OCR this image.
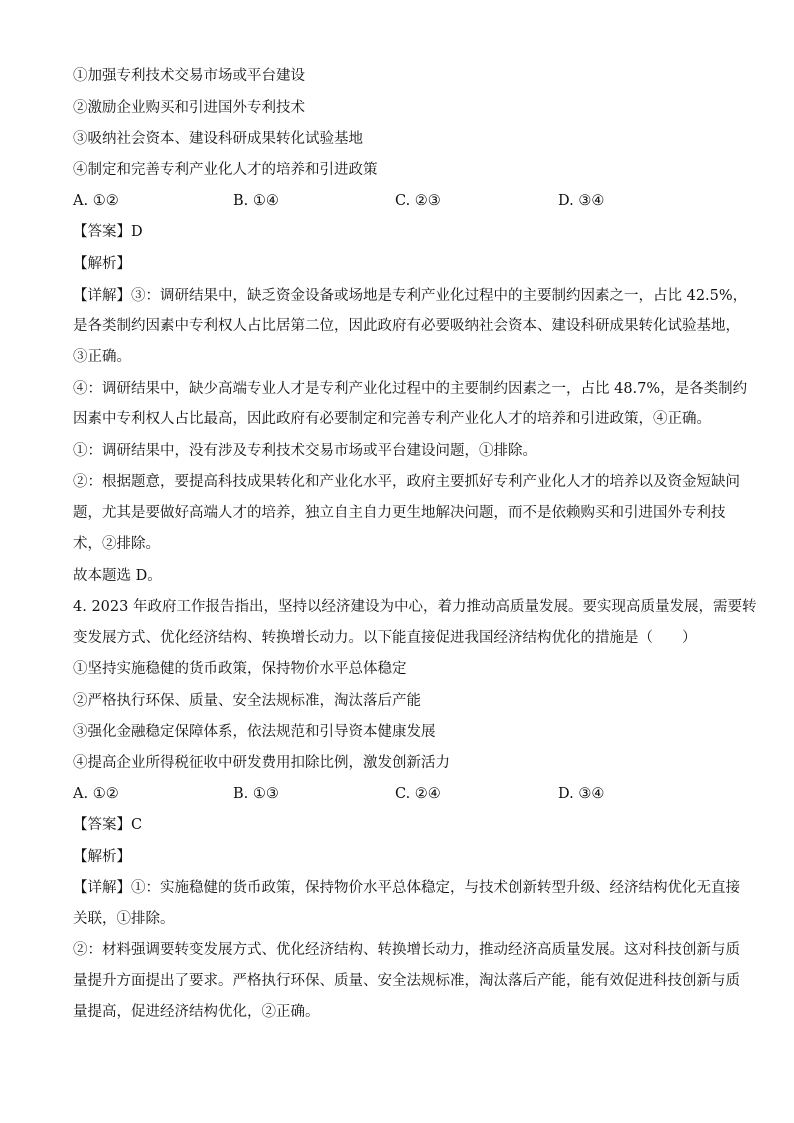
①加强专利技术交易市场或平台建设
②激励企业购买和引进国外专利技术
③吸纳社会资本、建设科研成果转化试验基地
④制定和完善专利产业化人才的培养和引进政策
A. ①②	B. ①④	C. ②③	D. ③④
【答案】D
【解析】
【详解】③：调研结果中，缺乏资金设备或场地是专利产业化过程中的主要制约因素之一，占比 42.5%，
是各类制约因素中专利权人占比居第二位，因此政府有必要吸纳社会资本、建设科研成果转化试验基地，
③正确。
④：调研结果中，缺少高端专业人才是专利产业化过程中的主要制约因素之一，占比 48.7%，是各类制约
因素中专利权人占比最高，因此政府有必要制定和完善专利产业化人才的培养和引进政策，④正确。
①：调研结果中，没有涉及专利技术交易市场或平台建设问题，①排除。
②：根据题意，要提高科技成果转化和产业化水平，政府主要抓好专利产业化人才的培养以及资金短缺问
题，尤其是要做好高端人才的培养，独立自主自力更生地解决问题，而不是依赖购买和引进国外专利技
术，②排除。
故本题选 D。
4. 2023 年政府工作报告指出，坚持以经济建设为中心，着力推动高质量发展。要实现高质量发展，需要转
变发展方式、优化经济结构、转换增长动力。以下能直接促进我国经济结构优化的措施是（　　）
①坚持实施稳健的货币政策，保持物价水平总体稳定
②严格执行环保、质量、安全法规标准，淘汰落后产能
③强化金融稳定保障体系，依法规范和引导资本健康发展
④提高企业所得税征收中研发费用扣除比例，激发创新活力
A. ①②	B. ①③	C. ②④	D. ③④
【答案】C
【解析】
【详解】①：实施稳健的货币政策，保持物价水平总体稳定，与技术创新转型升级、经济结构优化无直接
关联，①排除。
②：材料强调要转变发展方式、优化经济结构、转换增长动力，推动经济高质量发展。这对科技创新与质
量提升方面提出了要求。严格执行环保、质量、安全法规标准，淘汰落后产能，能有效促进科技创新与质
量提高，促进经济结构优化，②正确。
